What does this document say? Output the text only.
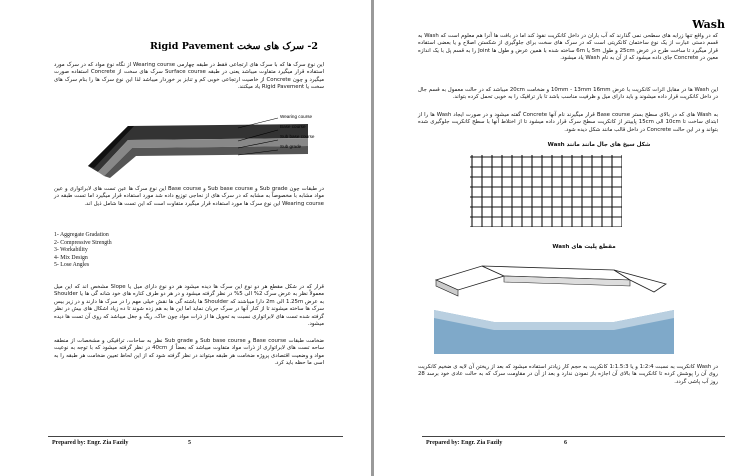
2- سرک های سخت Rigid Pavement
این نوع سرک ها که با سرک های ارتجاعی فقط در طبقه چهارمی Wearing course از نگاه نوع مواد که در سرک مورد استفاده قرار میگیرد متفاوت میباشد یعنی در طبقه Surface course سرک های سخت از Concrete استفاده صورت میگیرد و چون Concrete از خاصیت ارتجاعی خوبی کم و تنابز بر خوردار میباشد لذا این نوع سرک ها را بنام سرک های سخت یا Rigid Pavement یاد میکنند.
Wearing course
Base course
Sub base course
Sub grade
در طبقات چون Sub grade و Sub base course و Base course این نوع سرک ها عین تست های لابراتواری و عین مواد مشابه با مخصوصاً به مشابه که در سرک های از نحاجی توزیع داده شد مورد استفاده قرار میگیرد اما تست طبقه در Wearing course این نوع سرک ها مورد استفاده قرار میگیرد متفاوت است که این تست ها شامل ذیل اند.
1- Aggregate Gradation
2- Compressive Strength
3- Workability
4- Mix Design
5- Lose Angles
قرار که در شکل مقطع هر دو نوع این سرک ها دیده میشود هر دو نوع دارای میل یا Slope مشخص اند که این میل معمولاً نظر به عرض سرک 2% الی 5% در نظر گرفته میشود و در هر دو طرف کناره های خود شانه گی ها یا Shoulder به عرض 1.25m الی 2m دارا میباشند که Shoulder ها باشته گی ها نقش خیلی مهم را در سرک ها دارند و در زیر بیس سرک ها ساخته میشوند تا از کنار آنها در سرک جریان نماید اما این ها به هم زده شوند تا ده زیاد اشکال های بیش در نظر گرفته شده تست های لابراتواری نسبت به تحویل ها از ذرات مواد چون خاک، ریگ و جغل میباشد که روی آن تست ها دیده میشود.
ضخامت طبقات Base course و Sub base course و Sub grade نظر به ساحات، ترافیکی و مشخصات از منطقه ساحه تست های لابراتواری از ذرات مواد متفاوت میباشد که بعضاً از 40cm در نظر گرفته میشود که با توجه به نوعیت مواد و وضعیت اقتصادی پروژه ضخامت هر طبقه میتواند در نظر گرفته شود که از این لحاظ تعیین ضخامت هر طبقه را به اسی ما حظه باید کرد.
Prepared by: Engr. Zia Fazily	5
Wash
که در واقع تنها زرابه های سطحی نمی گذارند که آب باران در داخل کانکریت نفوذ کند اما در بافت ها آنرا هم معلوم است که Wash به قسم دستی عبارت از یک نوع ساختمان کانکریتی است که در سرک های سخت برای جلوگیری از شکستن اصلاح و یا بعضی استفاده قرار میگیرد تا ساخت طرح در عرض 25cm و طول 5m یا 6m ساخته شده با همین عرض و طول ها Joint را به قسم پل با یک اندازه معین در Concrete جای داده میشود که از آن به نام Wash یاد میشود.
این Wash ها در مقابل اثرات کانکریت با عرض 10mm - 13mm 16mm و ضخامت 20cm میباشد که در حالت معمول به قسم جال در داخل کانکریت قرار داده میشوند و باید دارای میل و ظرفیت مناسب باشد تا بار ترافیک را به خوبی تحمل کرده بتواند.
به Wash های که در بالای سطح بستر Base course قرار میگیرند نام آنها Concrete گفته میشود و در صورت ایجاد Wash ها را از ابتدای ساخت تا 10cm الی 15cm پایینتر از کانکریت سطح سرک قرار داده میشود تا از اختلاط آنها با سطح کانکریت جلوگیری شده بتواند و در این حالت Concrete در داخل قالب مانند شکل دیده شود.
شکل سیخ های جال مانند مانند Wash
مقطع پلیت های Wash
در Wash کانکریت به نسبت 1:2:4 و یا 1:1.5:3 کانکریت به حجم کار زیادتر استفاده میشود که بعد از ریختن آن لایه ی ضخیم کانکریت روی آن را پوشش کرده تا کانکریت ها بالای آن اجازه باز نمودن ندارد و بعد از آن در مقاومت سرک که به حالت عادی خود برسد 28 روز آب پاشی گردد.
Prepared by: Engr. Zia Fazily	6
